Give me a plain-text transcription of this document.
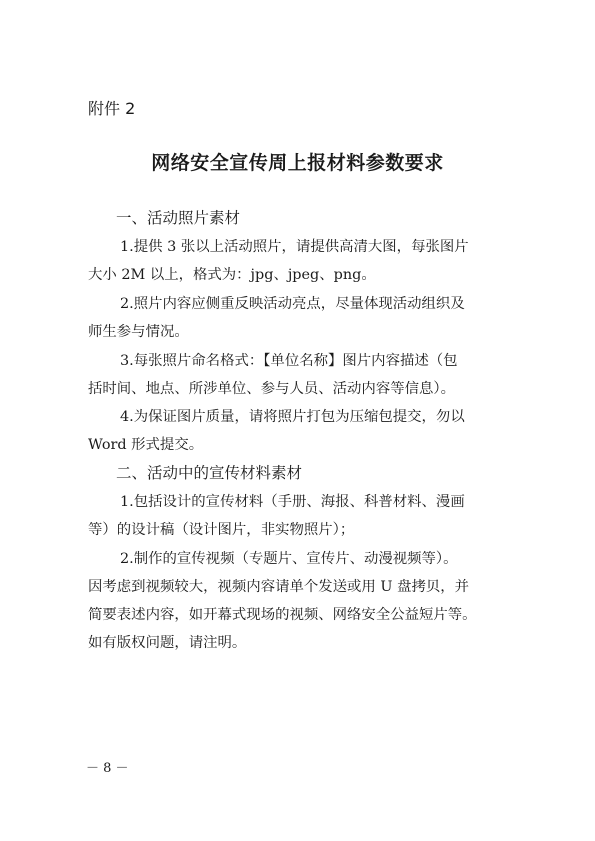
附件 2
网络安全宣传周上报材料参数要求
一、活动照片素材
1.提供 3 张以上活动照片，请提供高清大图，每张图片
大小 2M 以上，格式为：jpg、jpeg、png。
2.照片内容应侧重反映活动亮点，尽量体现活动组织及
师生参与情况。
3.每张照片命名格式：【单位名称】图片内容描述（包
括时间、地点、所涉单位、参与人员、活动内容等信息）。
4.为保证图片质量，请将照片打包为压缩包提交，勿以
Word 形式提交。
二、活动中的宣传材料素材
1.包括设计的宣传材料（手册、海报、科普材料、漫画
等）的设计稿（设计图片，非实物照片）；
2.制作的宣传视频（专题片、宣传片、动漫视频等）。
因考虑到视频较大，视频内容请单个发送或用 U 盘拷贝，并
简要表述内容，如开幕式现场的视频、网络安全公益短片等。
如有版权问题，请注明。
－ 8 －
